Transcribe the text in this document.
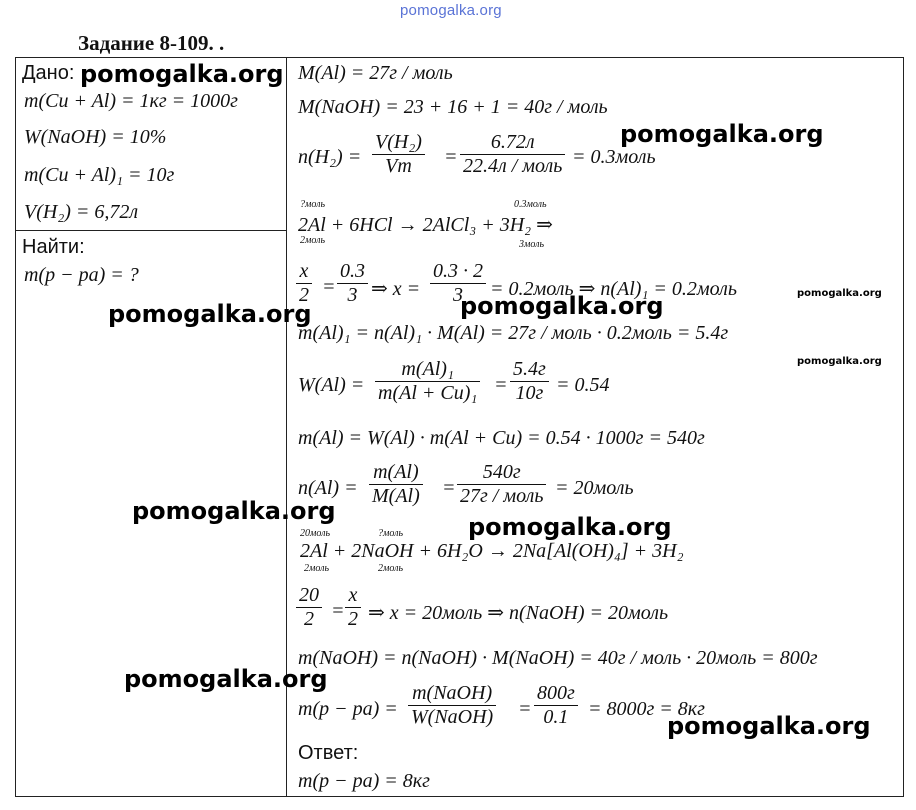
pomogalka.org
Задание 8-109. .
Дано:
m(Cu + Al) = 1кг = 1000г
W(NaOH) = 10%
m(Cu + Al)₁ = 10г
V(H₂) = 6,72л
Найти:
m(p − pa) = ?
M(Al) = 27г / моль
M(NaOH) = 23 + 16 + 1 = 40г / моль
$n(H_2) = \frac{\text{V(H₂)}}{Vm}$ =
6.72л
22.4л / моль = 0.3моль
?моль	0.3моль
2Al + 6HCl → 2AlCl₃ + 3H₂ ⇒
2моль	3моль
$\frac{x}{2} = \frac{0.3}{3}$ ⇒ $x = \frac{0.3 \cdot 2}{3}$ = 0.2моль ⇒ n(Al)₁ = 0.2моль
m(Al)₁ = n(Al)₁ · M(Al) = 27г / моль · 0.2моль = 5.4г
$W(Al) = \frac{\text{m(Al)₁}}{\text{m(Al + Cu)₁}}$ =
5.4г
10г = 0.54
m(Al) = W(Al) · m(Al + Cu) = 0.54 · 1000г = 540г
$n(Al) = \frac{m(Al)}{M(Al)}$ =
540г
27г / моль = 20моль
20моль	?моль
2Al + 2NaOH + 6H₂O → 2Na[Al(OH)₄] + 3H₂
2моль	2моль
$\frac{20}{2} = \frac{x}{2}$ ⇒ x = 20моль ⇒ n(NaOH) = 20моль
m(NaOH) = n(NaOH) · M(NaOH) = 40г / моль · 20моль = 800г
m(p − pa) =
m(NaOH)
W(NaOH) =
800г
0.1 = 8000г = 8кг
Ответ:
m(p − pa) = 8кг
pomogalka.org
pomogalka.org
pomogalka.org	pomogalka.org
pomogalka.org
pomogalka.org
pomogalka.org
pomogalka.org
pomogalka.org
pomogalka.org
